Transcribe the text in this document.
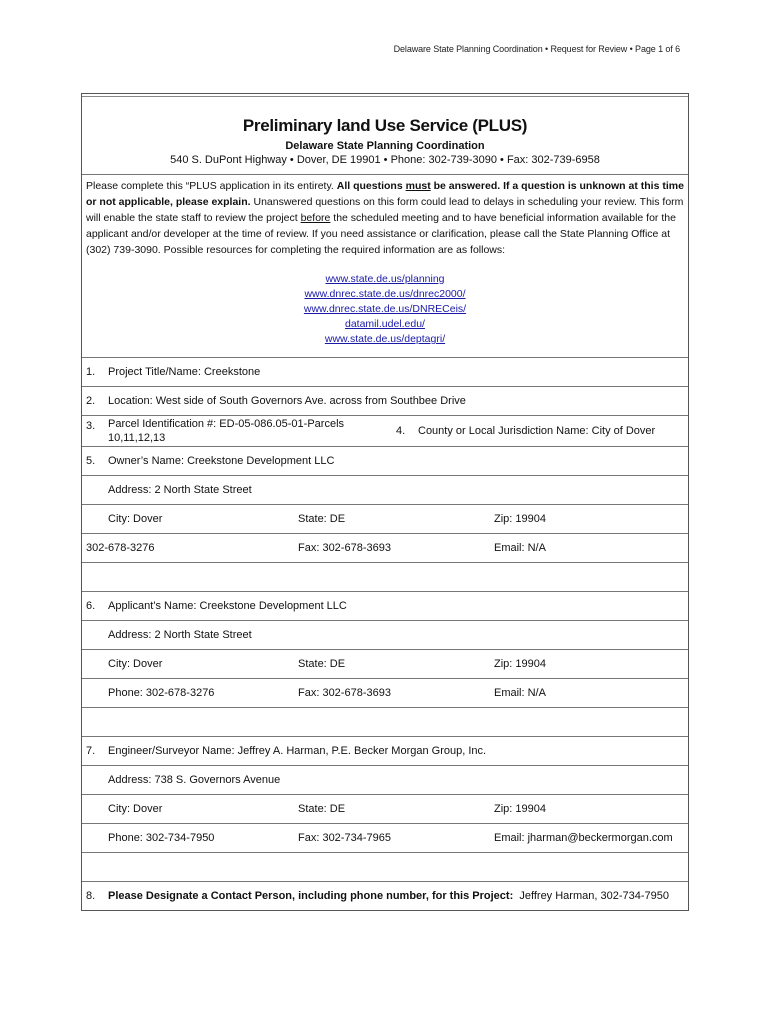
Delaware State Planning Coordination • Request for Review • Page 1 of 6
Preliminary land Use Service (PLUS)
Delaware State Planning Coordination
540 S. DuPont Highway • Dover, DE 19901 • Phone: 302-739-3090 • Fax: 302-739-6958
Please complete this “PLUS application in its entirety. All questions must be answered. If a question is unknown at this time or not applicable, please explain. Unanswered questions on this form could lead to delays in scheduling your review. This form will enable the state staff to review the project before the scheduled meeting and to have beneficial information available for the applicant and/or developer at the time of review. If you need assistance or clarification, please call the State Planning Office at (302) 739-3090. Possible resources for completing the required information are as follows:
www.state.de.us/planning
www.dnrec.state.de.us/dnrec2000/
www.dnrec.state.de.us/DNRECeis/
datamil.udel.edu/
www.state.de.us/deptagri/
1. Project Title/Name: Creekstone
2. Location: West side of South Governors Ave. across from Southbee Drive
3. Parcel Identification #: ED-05-086.05-01-Parcels 10,11,12,13
4. County or Local Jurisdiction Name: City of Dover
5. Owner’s Name: Creekstone Development LLC
Address: 2 North State Street
City: Dover	State: DE	Zip: 19904
302-678-3276	Fax: 302-678-3693	Email: N/A
6. Applicant’s Name: Creekstone Development LLC
Address: 2 North State Street
City: Dover	State: DE	Zip: 19904
Phone: 302-678-3276	Fax: 302-678-3693	Email: N/A
7. Engineer/Surveyor Name: Jeffrey A. Harman, P.E. Becker Morgan Group, Inc.
Address: 738 S. Governors Avenue
City: Dover	State: DE	Zip: 19904
Phone: 302-734-7950	Fax: 302-734-7965	Email: jharman@beckermorgan.com
8. Please Designate a Contact Person, including phone number, for this Project: Jeffrey Harman, 302-734-7950
